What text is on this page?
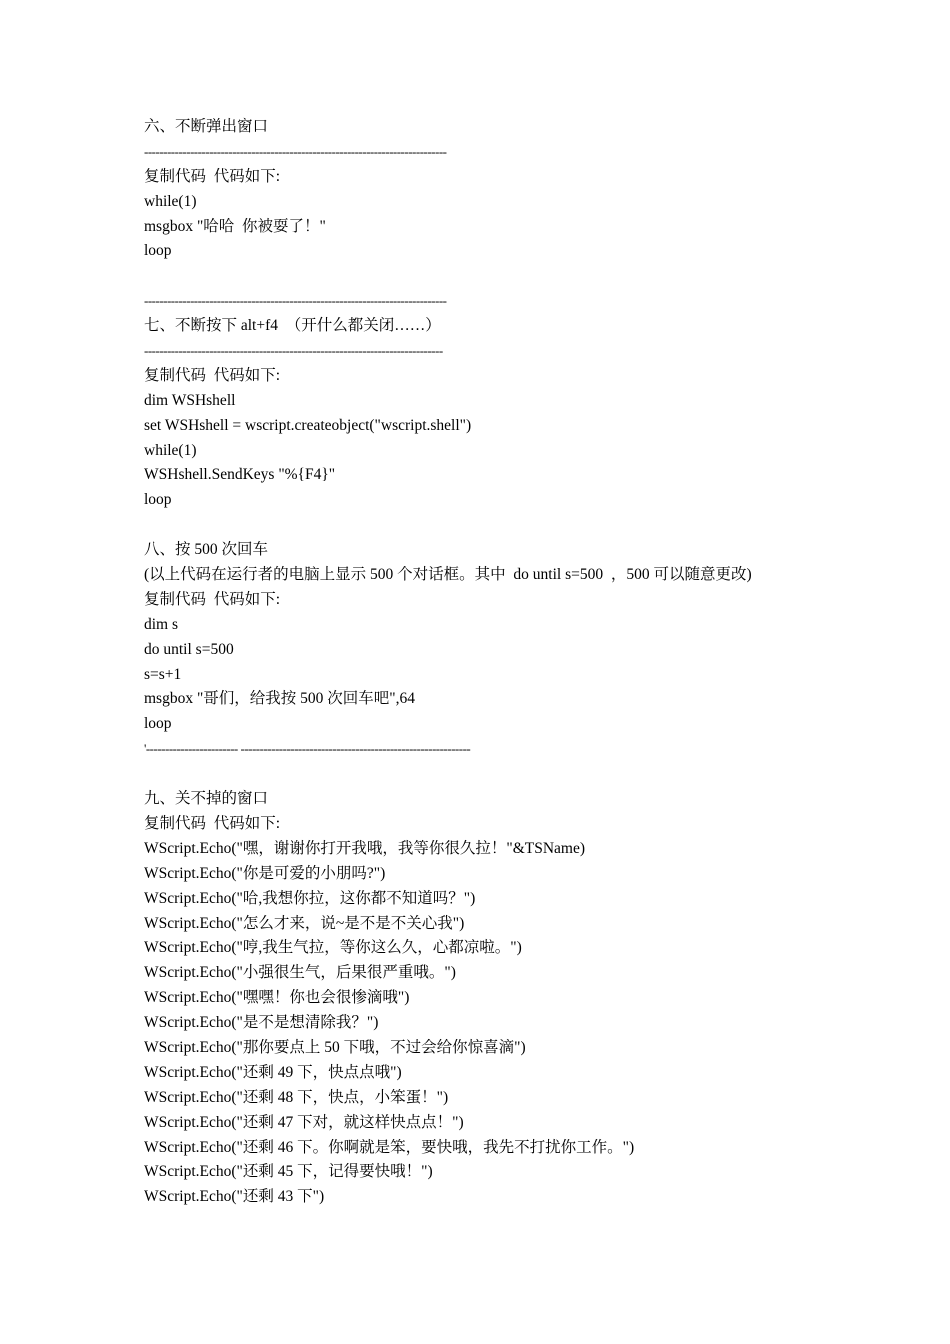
六、不断弹出窗口
-------------------------------------------------------------------------------
复制代码  代码如下:
while(1)
msgbox "哈哈  你被耍了！"
loop
-------------------------------------------------------------------------------
七、不断按下 alt+f4  （开什么都关闭……）
------------------------------------------------------------------------------
复制代码  代码如下:
dim WSHshell
set WSHshell = wscript.createobject("wscript.shell")
while(1)
WSHshell.SendKeys "%{F4}"
loop
八、按 500 次回车
(以上代码在运行者的电脑上显示 500 个对话框。其中  do until s=500  ，500 可以随意更改)
复制代码  代码如下:
dim s
do until s=500
s=s+1
msgbox "哥们，给我按 500 次回车吧",64
loop
'------------------------ ------------------------------------------------------------
九、关不掉的窗口
复制代码  代码如下:
WScript.Echo("嘿，谢谢你打开我哦，我等你很久拉！"&TSName)
WScript.Echo("你是可爱的小朋吗?")
WScript.Echo("哈,我想你拉，这你都不知道吗？")
WScript.Echo("怎么才来，说~是不是不关心我")
WScript.Echo("哼,我生气拉，等你这么久，心都凉啦。")
WScript.Echo("小强很生气，后果很严重哦。")
WScript.Echo("嘿嘿！你也会很惨滴哦")
WScript.Echo("是不是想清除我？")
WScript.Echo("那你要点上 50 下哦，不过会给你惊喜滴")
WScript.Echo("还剩 49 下，快点点哦")
WScript.Echo("还剩 48 下，快点，小笨蛋！")
WScript.Echo("还剩 47 下对，就这样快点点！")
WScript.Echo("还剩 46 下。你啊就是笨，要快哦，我先不打扰你工作。")
WScript.Echo("还剩 45 下，记得要快哦！")
WScript.Echo("还剩 43 下")
